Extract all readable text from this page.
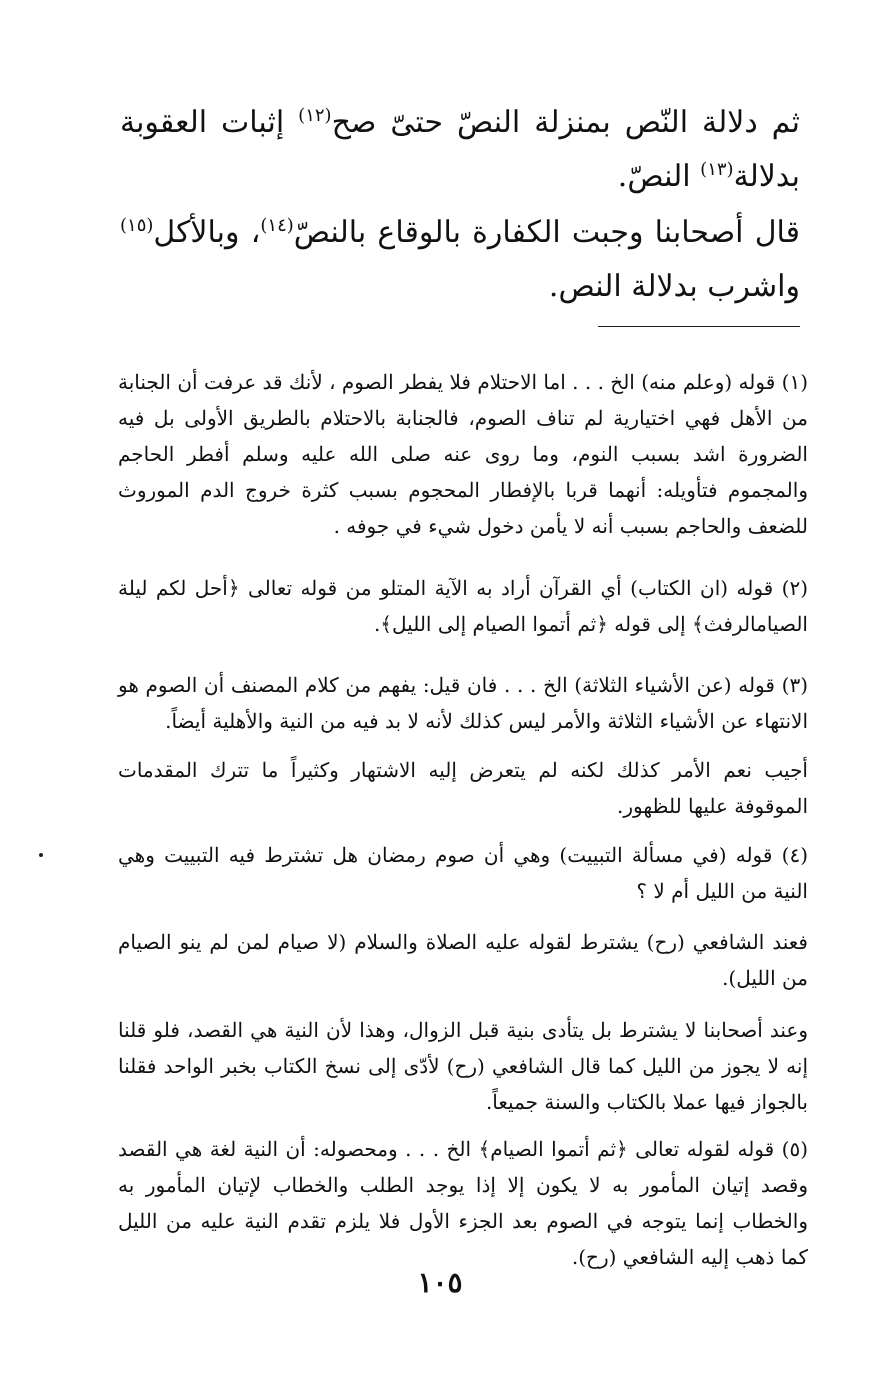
ثم دلالة النّص بمنزلة النصّ حتىّ صح$^{(١٢)}$ إثبات العقوبة بدلالة$^{(١٣)}$ النصّ.

قال أصحابنا وجبت الكفارة بالوقاع بالنصّ$^{(١٤)}$، وبالأكل$^{(١٥)}$ واشرب بدلالة النص.

(١) قوله (وعلم منه) الخ . . . اما الاحتلام فلا يفطر الصوم ، لأنك قد عرفت أن الجنابة من الأهل فهي اختيارية لم تناف الصوم، فالجنابة بالاحتلام بالطريق الأولى بل فيه الضرورة اشد بسبب النوم، وما روى عنه صلى الله عليه وسلم أفطر الحاجم والمجموم فتأويله: أنهما قربا بالإفطار المحجوم بسبب كثرة خروج الدم الموروث للضعف والحاجم بسبب أنه لا يأمن دخول شيء في جوفه .

(٢) قوله (ان الكتاب) أي القرآن أراد به الآية المتلو من قوله تعالى ﴿أحل لكم ليلة الصيامالرفث﴾ إلى قوله ﴿ثم أتموا الصيام إلى الليل﴾.

(٣) قوله (عن الأشياء الثلاثة) الخ . . . فان قيل: يفهم من كلام المصنف أن الصوم هو الانتهاء عن الأشياء الثلاثة والأمر ليس كذلك لأنه لا بد فيه من النية والأهلية أيضاً.

أجيب نعم الأمر كذلك لكنه لم يتعرض إليه الاشتهار وكثيراً ما تترك المقدمات الموقوفة عليها للظهور.

(٤) قوله (في مسألة التبييت) وهي أن صوم رمضان هل تشترط فيه التبييت وهي النية من الليل أم لا ؟

فعند الشافعي (رح) يشترط لقوله عليه الصلاة والسلام (لا صيام لمن لم ينو الصيام من الليل).

وعند أصحابنا لا يشترط بل يتأدى بنية قبل الزوال، وهذا لأن النية هي القصد، فلو قلنا إنه لا يجوز من الليل كما قال الشافعي (رح) لأدّى إلى نسخ الكتاب بخبر الواحد فقلنا بالجواز فيها عملا بالكتاب والسنة جميعاً.

(٥) قوله لقوله تعالى ﴿ثم أتموا الصيام﴾ الخ . . . ومحصوله: أن النية لغة هي القصد وقصد إتيان المأمور به لا يكون إلا إذا يوجد الطلب والخطاب لإتيان المأمور به والخطاب إنما يتوجه في الصوم بعد الجزء الأول فلا يلزم تقدم النية عليه من الليل كما ذهب إليه الشافعي (رح).

١٠٥
